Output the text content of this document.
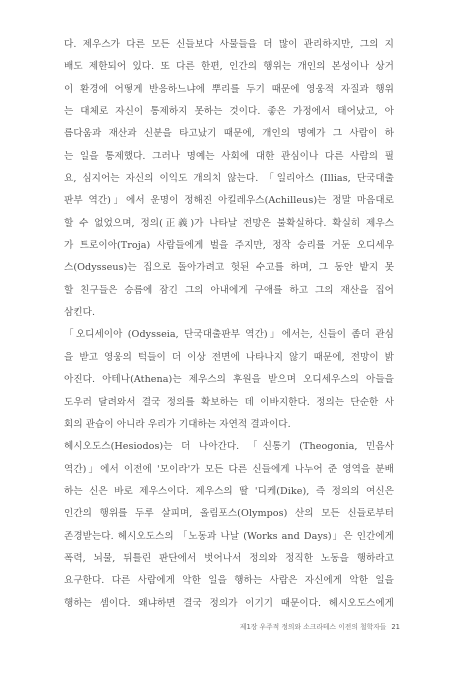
다. 제우스가 다른 모든 신들보다 사물들을 더 많이 관리하지만, 그의 지
배도 제한되어 있다. 또 다른 한편, 인간의 행위는 개인의 본성이나 상거
이 환경에 어떻게 반응하느냐에 뿌리를 두기 때문에 영웅적 자질과 행위
는 대체로 자신이 통제하지 못하는 것이다. 좋은 가정에서 태어났고, 아
름다움과 재산과 신분을 타고났기 때문에, 개인의 명예가 그 사람이 하
는 일을 통제했다. 그러나 명예는 사회에 대한 관심이나 다른 사람의 필
요, 심지어는 자신의 이익도 개의치 않는다. 「일리아스 (Illias, 단국대출
판부 역간)」에서 운명이 정해진 아킬레우스(Achilleus)는 정말 마음대로
할 수 없었으며, 정의(正義)가 나타날 전망은 불확실하다. 확실히 제우스
가 트로이아(Troja) 사람들에게 벌을 주지만, 정작 승리를 거둔 오디세우
스(Odysseus)는 집으로 돌아가려고 헛된 수고를 하며, 그 동안 밭지 못
할 친구들은 승름에 잠긴 그의 아내에게 구애를 하고 그의 재산을 집어
삼킨다.
「오디세이아 (Odysseia, 단국대출판부 역간)」에서는, 신들이 좀더 관심
을 받고 영웅의 턱들이 더 이상 전면에 나타나지 않기 때문에, 전망이 밝
아진다. 아테나(Athena)는 제우스의 후원을 받으며 오디세우스의 아들을
도우러 달려와서 결국 정의를 확보하는 데 이바지한다. 정의는 단순한 사
회의 관습이 아니라 우리가 기대하는 자연적 결과이다.
헤시오도스(Hesiodos)는 더 나아간다. 「신통기 (Theogonia, 민음사
역간)」에서 이전에 '모이라'가 모든 다른 신들에게 나누어 준 영역을 분배
하는 신은 바로 제우스이다. 제우스의 딸 '디케(Dike), 즉 정의의 여신은
인간의 행위를 두루 살피며, 올림포스(Olympos) 산의 모든 신들로부터
존경받는다. 헤시오도스의 「노동과 나날 (Works and Days)」은 인간에게
폭력, 뇌물, 뒤틀린 판단에서 벗어나서 정의와 정직한 노동을 행하라고
요구한다. 다른 사람에게 악한 일을 행하는 사람은 자신에게 악한 일을
행하는 셈이다. 왜냐하면 결국 정의가 이기기 때문이다. 헤시오도스에게
제1장 우주적 정의와 소크라테스 이전의 철학자들 21
